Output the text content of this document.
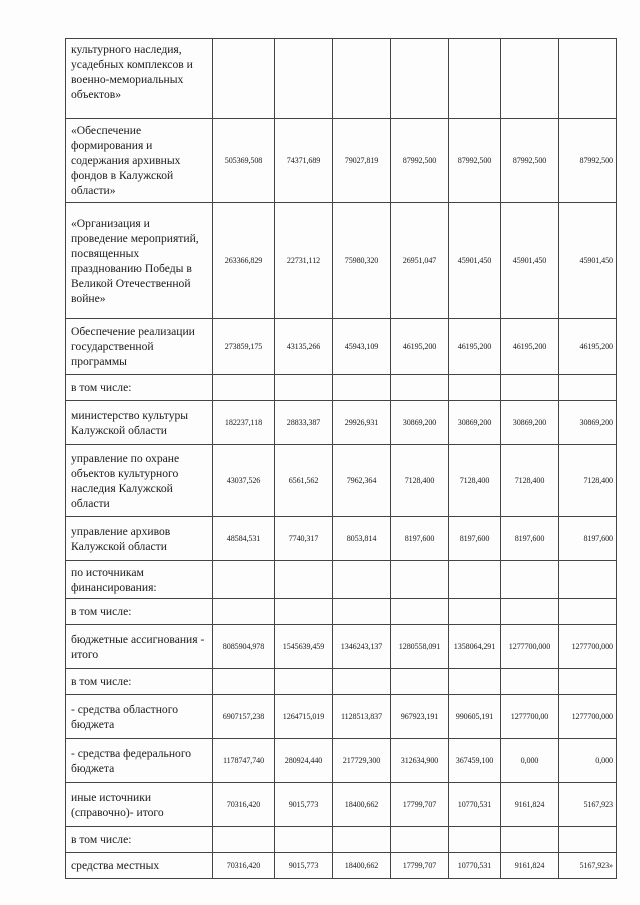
культурного наследия, усадебных комплексов и военно-мемориальных объектов»							
«Обеспечение формирования и содержания архивных фондов в Калужской области»	505369,508	74371,689	79027,819	87992,500	87992,500	87992,500	87992,500
«Организация и проведение мероприятий, посвященных празднованию Победы в Великой Отечественной войне»	263366,829	22731,112	75980,320	26951,047	45901,450	45901,450	45901,450
Обеспечение реализации государственной программы	273859,175	43135,266	45943,109	46195,200	46195,200	46195,200	46195,200
в том числе:							
министерство культуры Калужской области	182237,118	28833,387	29926,931	30869,200	30869,200	30869,200	30869,200
управление по охране объектов культурного наследия Калужской области	43037,526	6561,562	7962,364	7128,400	7128,400	7128,400	7128,400
управление архивов Калужской области	48584,531	7740,317	8053,814	8197,600	8197,600	8197,600	8197,600
по источникам финансирования:							
в том числе:							
бюджетные ассигнования - итого	8085904,978	1545639,459	1346243,137	1280558,091	1358064,291	1277700,000	1277700,000
в том числе:							
- средства областного бюджета	6907157,238	1264715,019	1128513,837	967923,191	990605,191	1277700,00	1277700,000
- средства федерального бюджета	1178747,740	280924,440	217729,300	312634,900	367459,100	0,000	0,000
иные источники (справочно)- итого	70316,420	9015,773	18400,662	17799,707	10770,531	9161,824	5167,923
в том числе:							
средства местных	70316,420	9015,773	18400,662	17799,707	10770,531	9161,824	5167,923»
